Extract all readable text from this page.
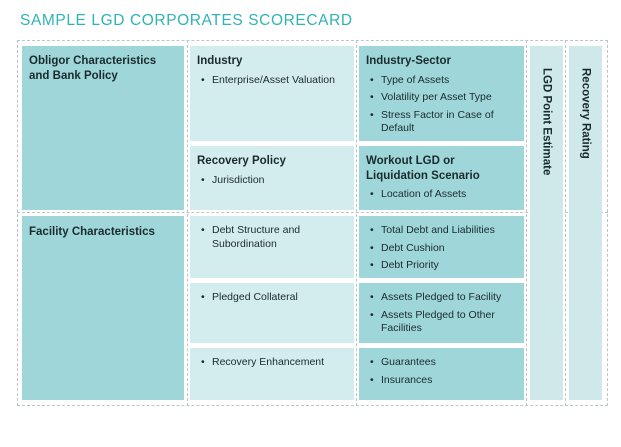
SAMPLE LGD CORPORATES SCORECARD
Obligor Characteristics and Bank Policy
Facility Characteristics
Industry
• Enterprise/Asset Valuation
Recovery Policy
• Jurisdiction
• Debt Structure and Subordination
• Pledged Collateral
• Recovery Enhancement
Industry-Sector
• Type of Assets
• Volatility per Asset Type
• Stress Factor in Case of Default
Workout LGD or Liquidation Scenario
• Location of Assets
• Total Debt and Liabilities
• Debt Cushion
• Debt Priority
• Assets Pledged to Facility
• Assets Pledged to Other Facilities
• Guarantees
• Insurances
LGD Point Estimate Recovery Rating
